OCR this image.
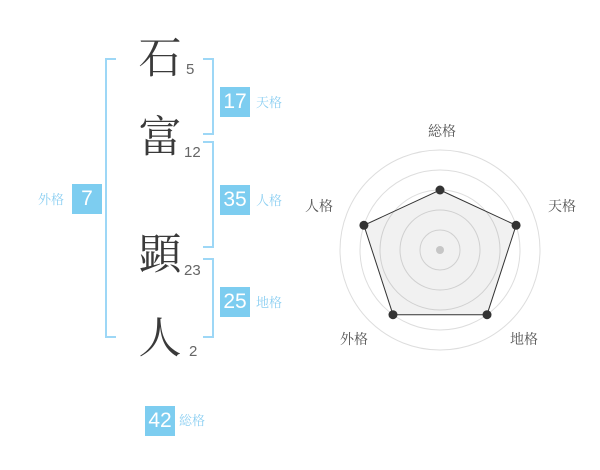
石
富
顕
人
5
12
23
2
17 天格
35 人格
25 地格
7
外格
42 総格
総格
天格
地格
外格
人格
